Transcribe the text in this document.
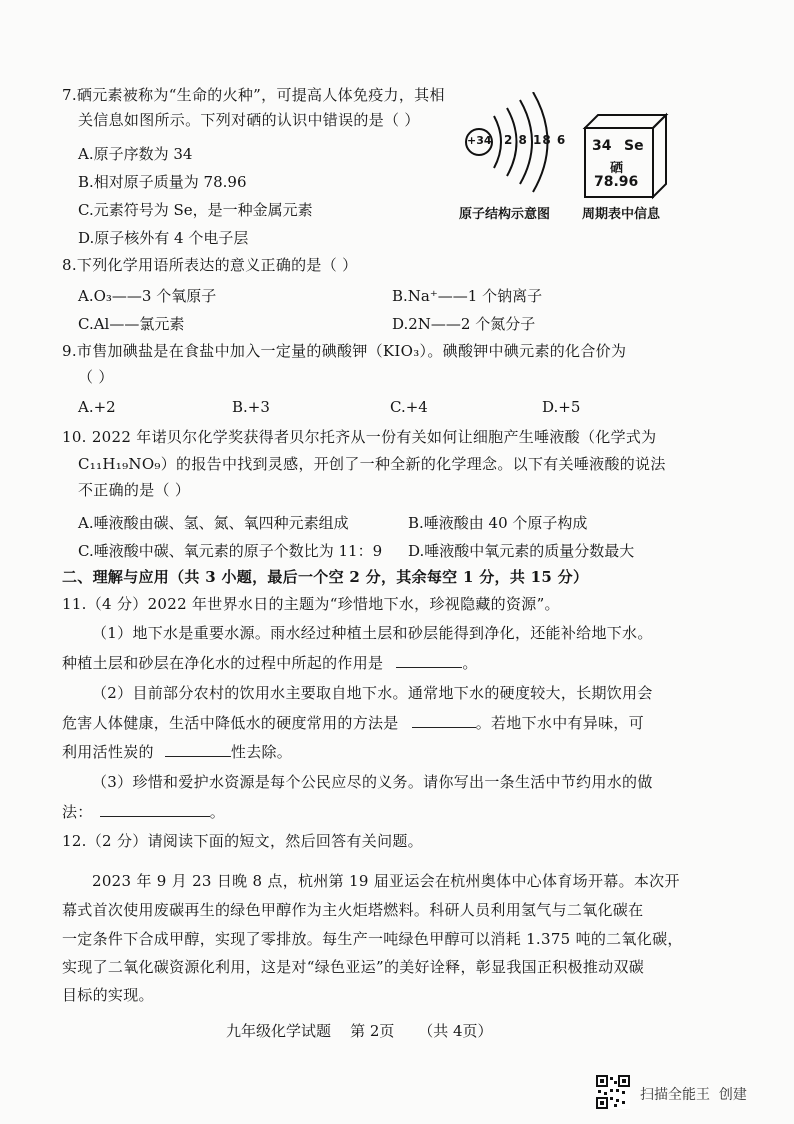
7.硒元素被称为“生命的火种”，可提高人体免疫力，其相
关信息如图所示。下列对硒的认识中错误的是（ ）
A.原子序数为 34
B.相对原子质量为 78.96
C.元素符号为 Se，是一种金属元素
D.原子核外有 4 个电子层
+34 2 8 18 6
原子结构示意图
34 Se
硒
78.96
周期表中信息
8.下列化学用语所表达的意义正确的是（ ）
A.O₃——3 个氧原子	B.Na⁺——1 个钠离子
C.Al——氯元素	D.2N——2 个氮分子
9.市售加碘盐是在食盐中加入一定量的碘酸钾（KIO₃）。碘酸钾中碘元素的化合价为
（ ）
A.+2	B.+3	C.+4	D.+5
10. 2022 年诺贝尔化学奖获得者贝尔托齐从一份有关如何让细胞产生唾液酸（化学式为
C₁₁H₁₉NO₉）的报告中找到灵感，开创了一种全新的化学理念。以下有关唾液酸的说法
不正确的是（ ）
A.唾液酸由碳、氢、氮、氧四种元素组成	B.唾液酸由 40 个原子构成
C.唾液酸中碳、氧元素的原子个数比为 11：9 D.唾液酸中氧元素的质量分数最大
二、理解与应用（共 3 小题，最后一个空 2 分，其余每空 1 分，共 15 分）
11.（4 分）2022 年世界水日的主题为“珍惜地下水，珍视隐藏的资源”。
（1）地下水是重要水源。雨水经过种植土层和砂层能得到净化，还能补给地下水。
种植土层和砂层在净化水的过程中所起的作用是	。
（2）目前部分农村的饮用水主要取自地下水。通常地下水的硬度较大，长期饮用会
危害人体健康，生活中降低水的硬度常用的方法是	。若地下水中有异味，可
利用活性炭的	性去除。
（3）珍惜和爱护水资源是每个公民应尽的义务。请你写出一条生活中节约用水的做
法：	。
12.（2 分）请阅读下面的短文，然后回答有关问题。
2023 年 9 月 23 日晚 8 点，杭州第 19 届亚运会在杭州奥体中心体育场开幕。本次开
幕式首次使用废碳再生的绿色甲醇作为主火炬塔燃料。科研人员利用氢气与二氧化碳在
一定条件下合成甲醇，实现了零排放。每生产一吨绿色甲醇可以消耗 1.375 吨的二氧化碳，
实现了二氧化碳资源化利用，这是对“绿色亚运”的美好诠释，彰显我国正积极推动双碳
目标的实现。
九年级化学试题    第 2页     （共 4页）
扫描全能王  创建
